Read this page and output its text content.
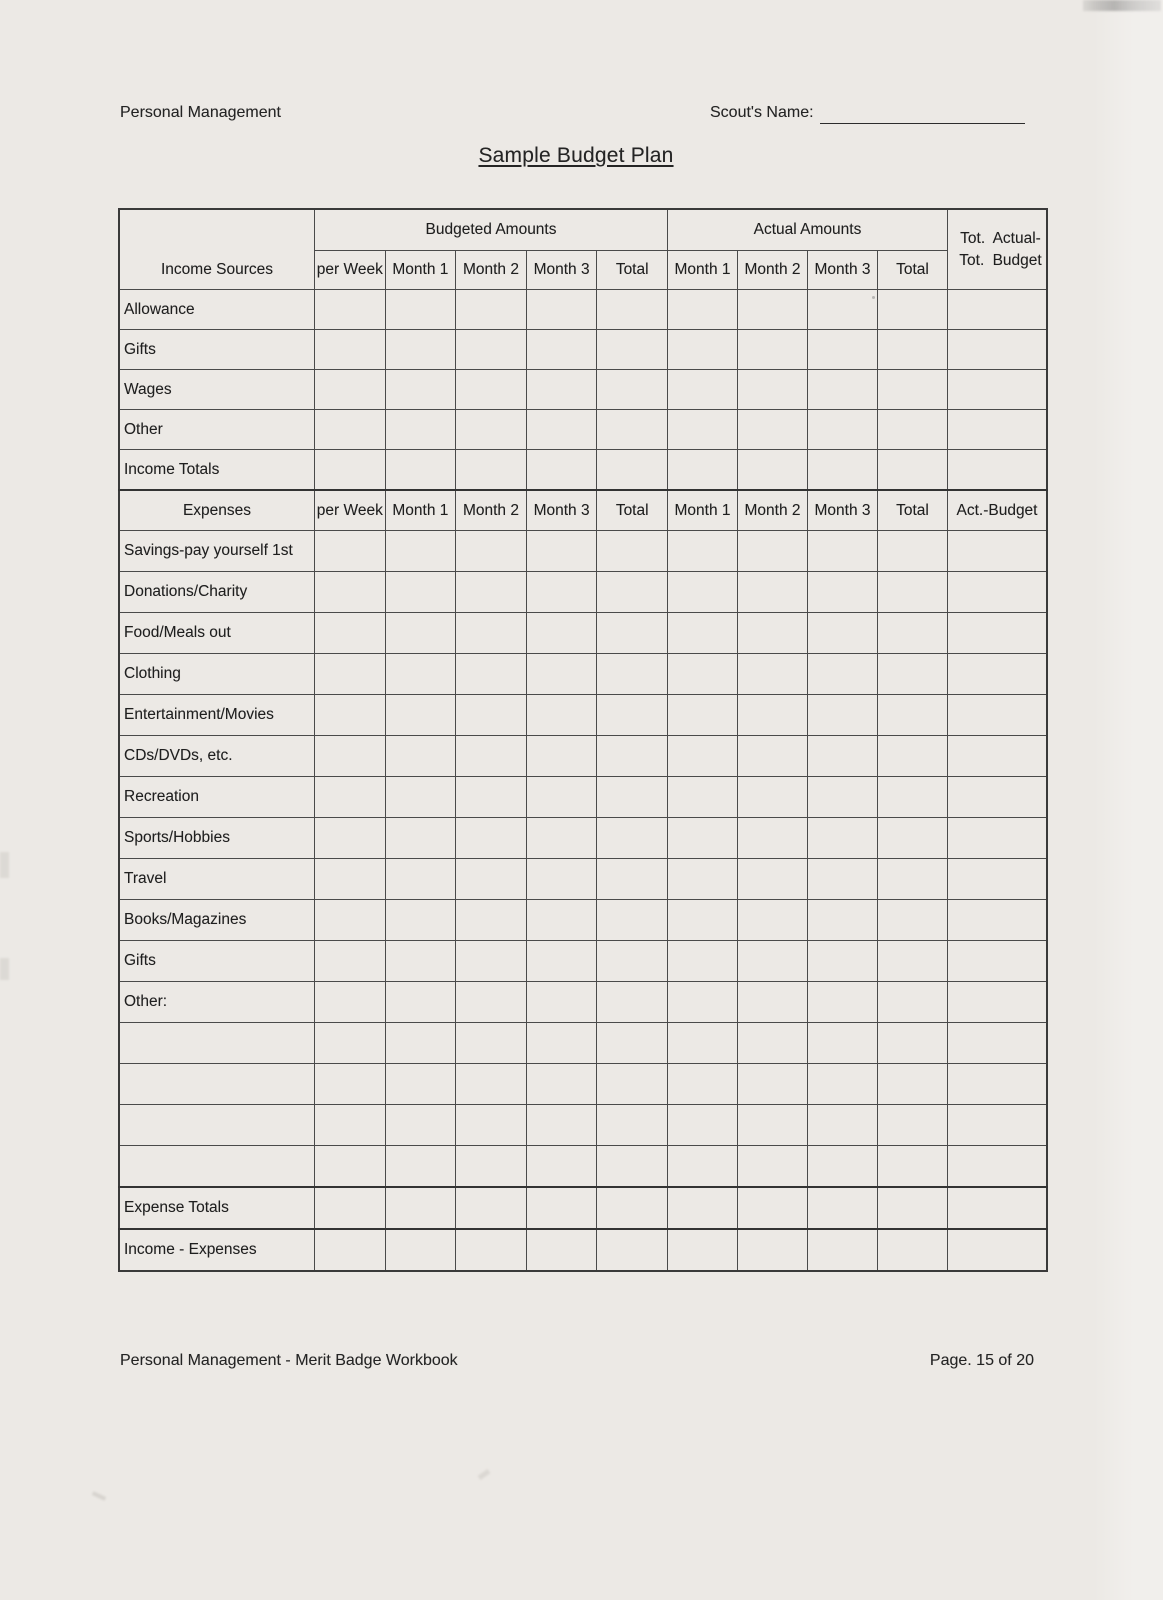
Personal Management	Scout's Name:
Sample Budget Plan
Income Sources	Budgeted Amounts					Actual Amounts				Tot. Actual-
Tot. Budget

	per Week	Month 1	Month 2	Month 3	Total	Month 1	Month 2	Month 3	Total	
Allowance										
Gifts										
Wages										
Other										
Income Totals										
Expenses	per Week	Month 1	Month 2	Month 3	Total	Month 1	Month 2	Month 3	Total	Act.-Budget
Savings-pay yourself 1st										
Donations/Charity										
Food/Meals out										
Clothing										
Entertainment/Movies										
CDs/DVDs, etc.										
Recreation										
Sports/Hobbies										
Travel										
Books/Magazines										
Gifts										
Other:										

Expense Totals										
Income - Expenses										
Personal Management - Merit Badge Workbook	Page. 15 of 20
